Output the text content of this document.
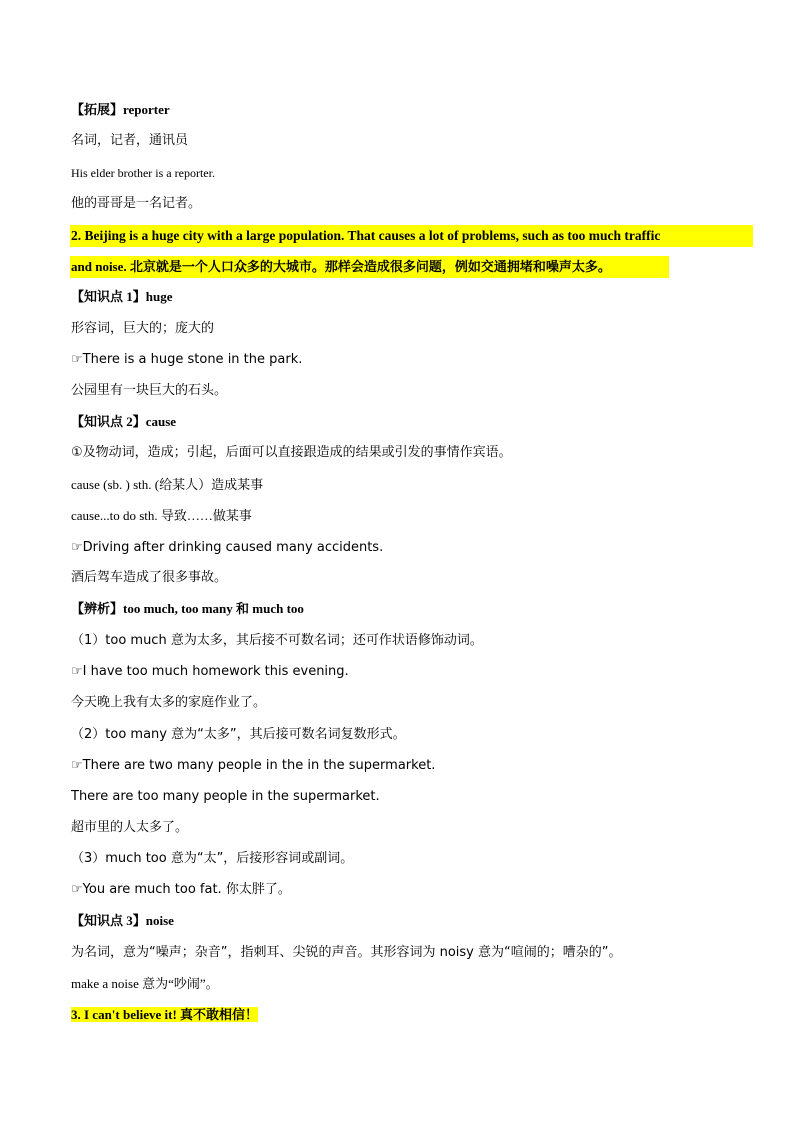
【拓展】reporter
名词，记者，通讯员
His elder brother is a reporter.
他的哥哥是一名记者。
2. Beijing is a huge city with a large population. That causes a lot of problems, such as too much traffic
and noise. 北京就是一个人口众多的大城市。那样会造成很多问题，例如交通拥堵和噪声太多。
【知识点 1】huge
形容词，巨大的；庞大的
☞There is a huge stone in the park.
公园里有一块巨大的石头。
【知识点 2】cause
①及物动词，造成；引起，后面可以直接跟造成的结果或引发的事情作宾语。
cause (sb. ) sth. (给某人）造成某事
cause...to do sth. 导致……做某事
☞Driving after drinking caused many accidents.
酒后驾车造成了很多事故。
【辨析】too much, too many 和 much too
（1）too much 意为太多，其后接不可数名词；还可作状语修饰动词。
☞I have too much homework this evening.
今天晚上我有太多的家庭作业了。
（2）too many 意为“太多”，其后接可数名词复数形式。
☞There are two many people in the in the supermarket.
There are too many people in the supermarket.
超市里的人太多了。
（3）much too 意为“太”，后接形容词或副词。
☞You are much too fat. 你太胖了。
【知识点 3】noise
为名词，意为“噪声；杂音”，指刺耳、尖锐的声音。其形容词为 noisy 意为“喧闹的；嘈杂的”。
make a noise 意为“吵闹”。
3. I can't believe it! 真不敢相信！
